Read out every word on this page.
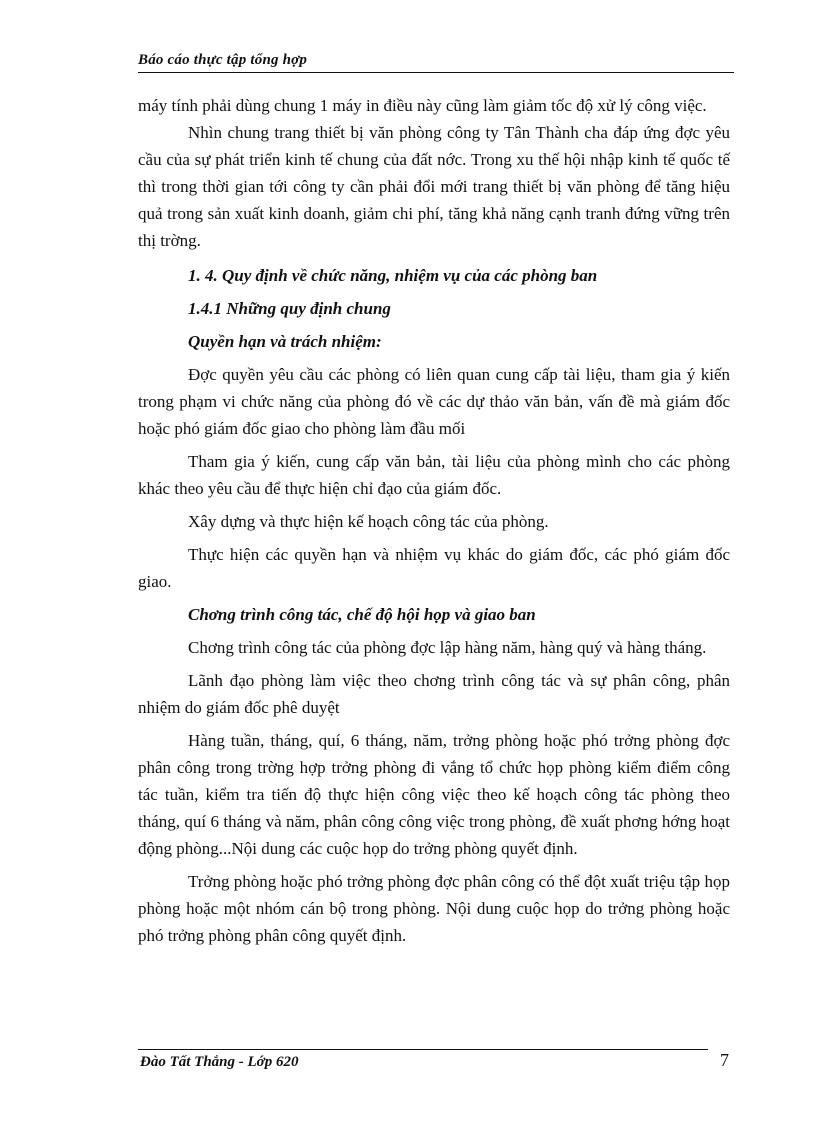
Báo cáo thực tập tổng hợp

máy tính phải dùng chung 1 máy in điều này cũng làm giảm tốc độ xử lý công việc.

Nhìn chung trang thiết bị văn phòng công ty Tân Thành cha đáp ứng đợc yêu cầu của sự phát triển kinh tế chung của đất nớc. Trong xu thế hội nhập kinh tế quốc tế thì trong thời gian tới công ty cần phải đổi mới trang thiết bị văn phòng để tăng hiệu quả trong sản xuất kinh doanh, giảm chi phí, tăng khả năng cạnh tranh đứng vững trên thị trờng.

1. 4. Quy định về chức năng, nhiệm vụ của các phòng ban

1.4.1 Những quy định chung

Quyền hạn và trách nhiệm:

Đợc quyền yêu cầu các phòng có liên quan cung cấp tài liệu, tham gia ý kiến trong phạm vi chức năng của phòng đó về các dự thảo văn bản, vấn đề mà giám đốc hoặc phó giám đốc giao cho phòng làm đầu mối

Tham gia ý kiến, cung cấp văn bản, tài liệu của phòng mình cho các phòng khác theo yêu cầu để thực hiện chỉ đạo của giám đốc.

Xây dựng và thực hiện kế hoạch công tác của phòng.

Thực hiện các quyền hạn và nhiệm vụ khác do giám đốc, các phó giám đốc giao.

Chơng trình công tác, chế độ hội họp và giao ban

Chơng trình công tác của phòng đợc lập hàng năm, hàng quý và hàng tháng.

Lãnh đạo phòng làm việc theo chơng trình công tác và sự phân công, phân nhiệm do giám đốc phê duyệt

Hàng tuần, tháng, quí, 6 tháng, năm, trởng phòng hoặc phó trởng phòng đợc phân công trong trờng hợp trởng phòng đi vắng tổ chức họp phòng kiểm điểm công tác tuần, kiểm tra tiến độ thực hiện công việc theo kế hoạch công tác phòng theo tháng, quí 6 tháng và năm, phân công công việc trong phòng, đề xuất phơng hớng hoạt động phòng...Nội dung các cuộc họp do trởng phòng quyết định.

Trởng phòng hoặc phó trởng phòng đợc phân công có thể đột xuất triệu tập họp phòng hoặc một nhóm cán bộ trong phòng. Nội dung cuộc họp do trởng phòng hoặc phó trởng phòng phân công quyết định.

Đào Tất Thắng - Lớp 620	7
